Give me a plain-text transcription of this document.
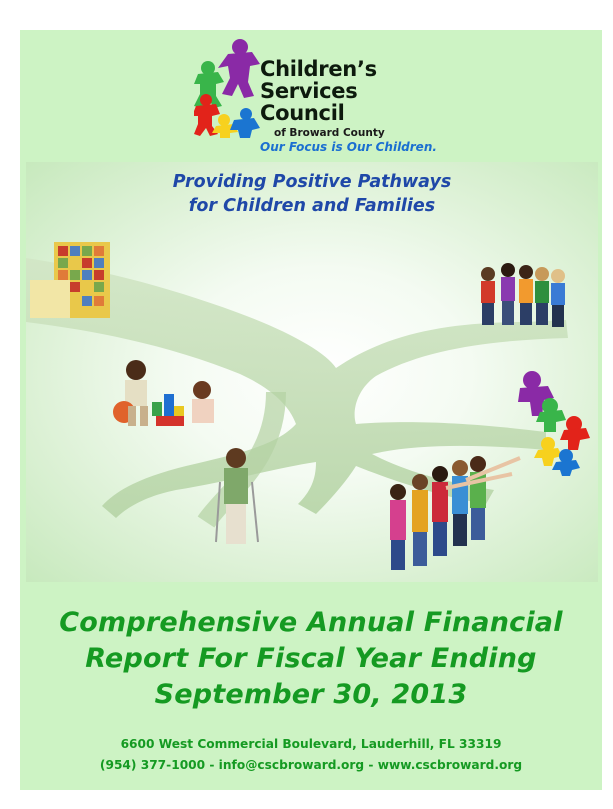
Children’s
Services
Council
of Broward County
Our Focus is Our Children.
Providing Positive Pathways
for Children and Families
Comprehensive Annual Financial
Report For Fiscal Year Ending
September 30, 2013
6600 West Commercial Boulevard, Lauderhill, FL 33319
(954) 377-1000 - info@cscbroward.org - www.cscbroward.org
